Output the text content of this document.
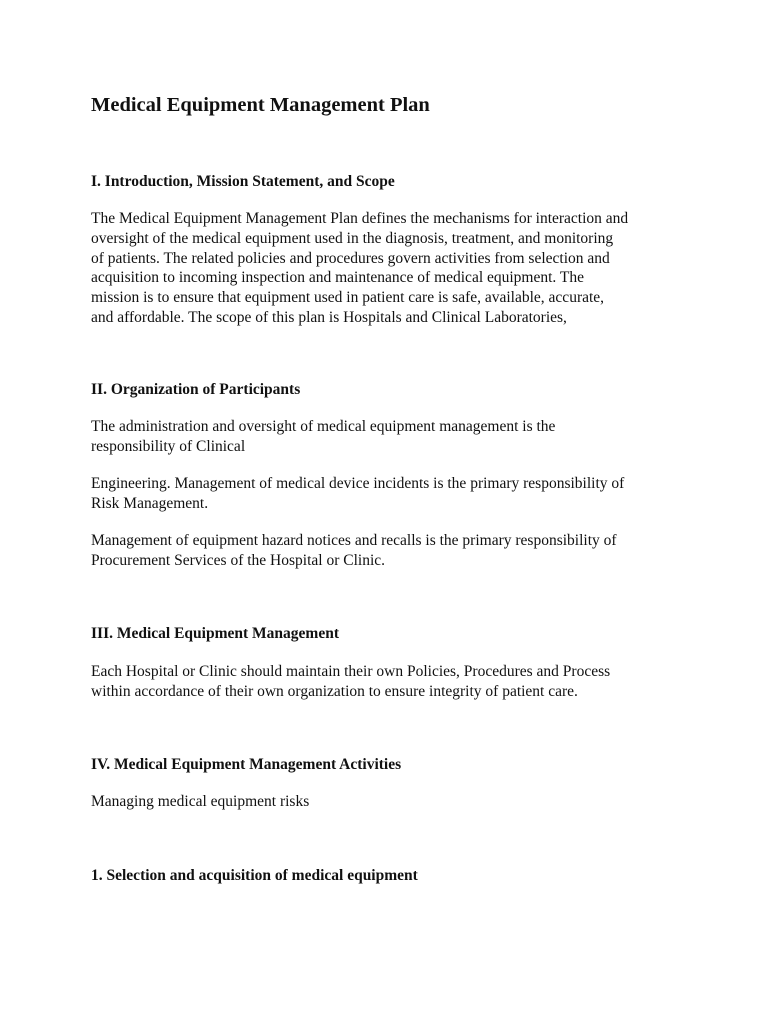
Medical Equipment Management Plan
I. Introduction, Mission Statement, and Scope

The Medical Equipment Management Plan defines the mechanisms for interaction and
oversight of the medical equipment used in the diagnosis, treatment, and monitoring
of patients. The related policies and procedures govern activities from selection and
acquisition to incoming inspection and maintenance of medical equipment. The
mission is to ensure that equipment used in patient care is safe, available, accurate,
and affordable. The scope of this plan is Hospitals and Clinical Laboratories,

II. Organization of Participants

The administration and oversight of medical equipment management is the
responsibility of Clinical

Engineering. Management of medical device incidents is the primary responsibility of
Risk Management.

Management of equipment hazard notices and recalls is the primary responsibility of
Procurement Services of the Hospital or Clinic.

III. Medical Equipment Management

Each Hospital or Clinic should maintain their own Policies, Procedures and Process
within accordance of their own organization to ensure integrity of patient care.

IV. Medical Equipment Management Activities

Managing medical equipment risks

1. Selection and acquisition of medical equipment
